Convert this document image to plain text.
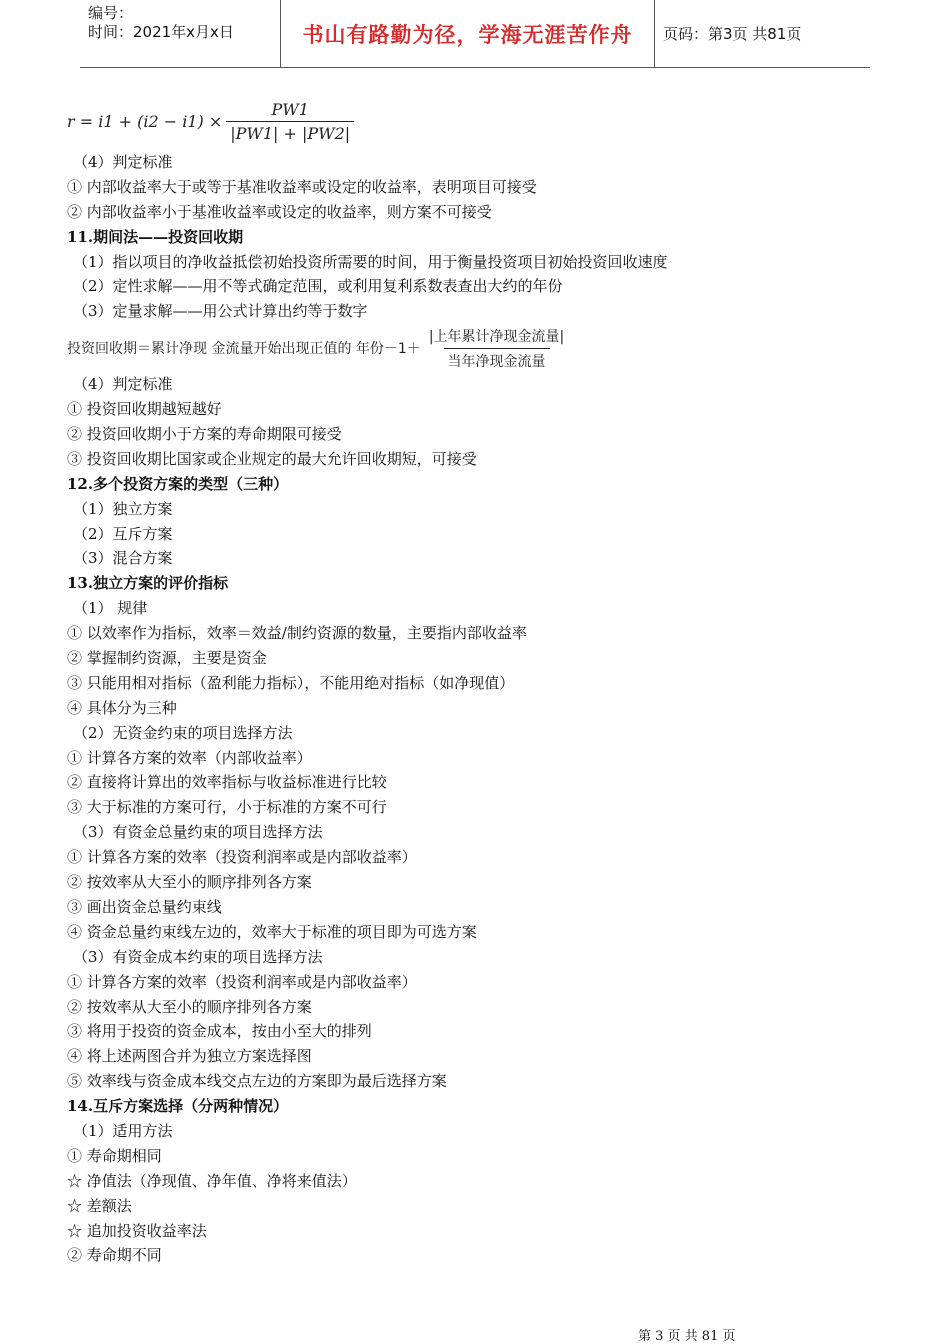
编号：
时间：2021年x月x日	书山有路勤为径，学海无涯苦作舟	页码：第3页 共81页
$r = i1 + (i2 - i1) \times \frac{PW1}{|PW1| + |PW2|}$
（4）判定标准
① 内部收益率大于或等于基准收益率或设定的收益率，表明项目可接受
② 内部收益率小于基准收益率或设定的收益率，则方案不可接受
11.期间法——投资回收期
（1）指以项目的净收益抵偿初始投资所需要的时间，用于衡量投资项目初始投资回收速度
（2）定性求解——用不等式确定范围，或利用复利系数表查出大约的年份
（3）定量求解——用公式计算出约等于数字
投资回收期＝累计净现 金流量开始出现正值的 年份$-1+ \frac{\text{|上年累计净现金流量|}}{\text{当年净现金流量}}$
（4）判定标准
① 投资回收期越短越好
② 投资回收期小于方案的寿命期限可接受
③ 投资回收期比国家或企业规定的最大允许回收期短，可接受
12.多个投资方案的类型（三种）
（1）独立方案
（2）互斥方案
（3）混合方案
13.独立方案的评价指标
（1） 规律
① 以效率作为指标，效率＝效益/制约资源的数量，主要指内部收益率
② 掌握制约资源，主要是资金
③ 只能用相对指标（盈利能力指标），不能用绝对指标（如净现值）
④ 具体分为三种
（2）无资金约束的项目选择方法
① 计算各方案的效率（内部收益率）
② 直接将计算出的效率指标与收益标准进行比较
③ 大于标准的方案可行，小于标准的方案不可行
（3）有资金总量约束的项目选择方法
① 计算各方案的效率（投资利润率或是内部收益率）
② 按效率从大至小的顺序排列各方案
③ 画出资金总量约束线
④ 资金总量约束线左边的，效率大于标准的项目即为可选方案
（3）有资金成本约束的项目选择方法
① 计算各方案的效率（投资利润率或是内部收益率）
② 按效率从大至小的顺序排列各方案
③ 将用于投资的资金成本，按由小至大的排列
④ 将上述两图合并为独立方案选择图
⑤ 效率线与资金成本线交点左边的方案即为最后选择方案
14.互斥方案选择（分两种情况）
（1）适用方法
① 寿命期相同
☆ 净值法（净现值、净年值、净将来值法）
☆ 差额法
☆ 追加投资收益率法
② 寿命期不同
第 3 页 共 81 页
